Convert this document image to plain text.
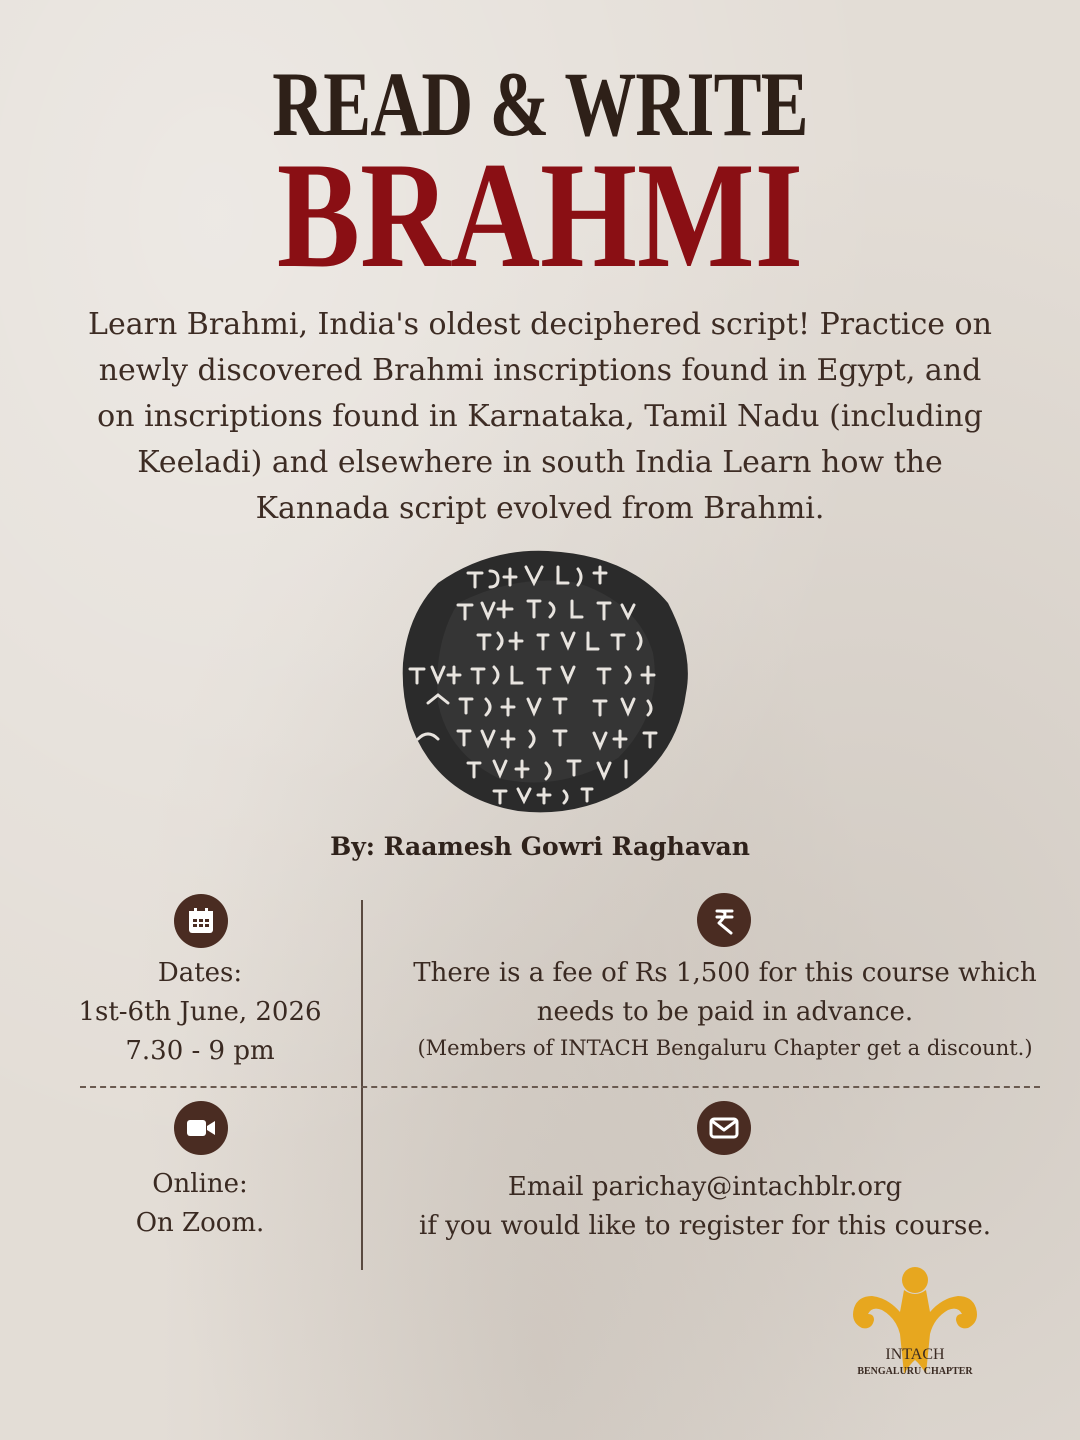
READ & WRITE
BRAHMI
Learn Brahmi, India's oldest deciphered script! Practice on newly discovered Brahmi inscriptions found in Egypt, and on inscriptions found in Karnataka, Tamil Nadu (including Keeladi) and elsewhere in south India Learn how the Kannada script evolved from Brahmi.
By: Raamesh Gowri Raghavan
Dates:
1st-6th June, 2026
7.30 - 9 pm
There is a fee of Rs 1,500 for this course which
needs to be paid in advance.
(Members of INTACH Bengaluru Chapter get a discount.)
Online:
On Zoom.
Email parichay@intachblr.org
if you would like to register for this course.
INTACH
BENGALURU CHAPTER
